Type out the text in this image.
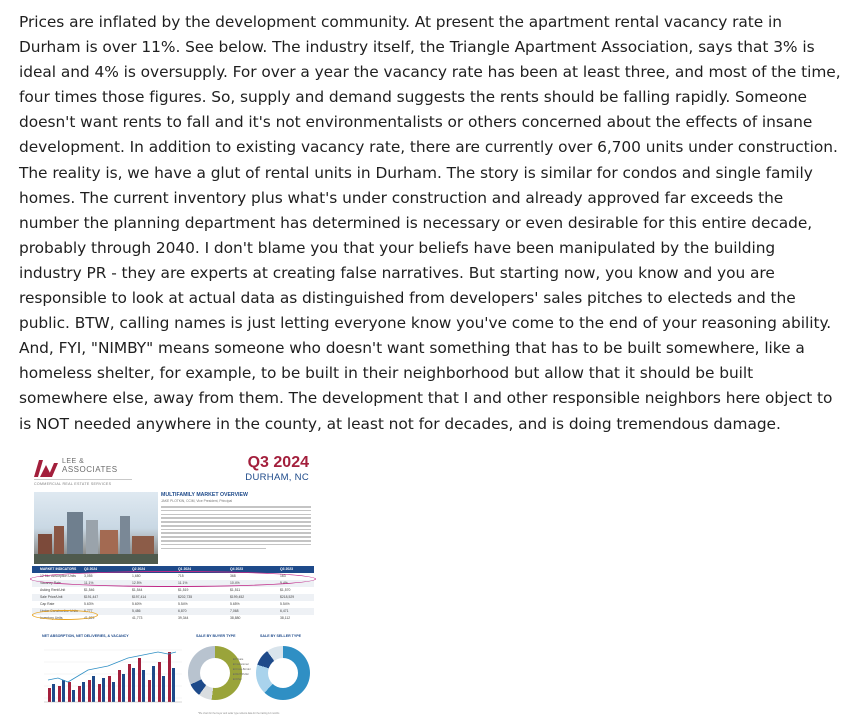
Prices are inflated by the development community. At present the apartment rental vacancy rate in Durham is over 11%. See below. The industry itself, the Triangle Apartment Association, says that 3% is ideal and 4% is oversupply. For over a year the vacancy rate has been at least three, and most of the time, four times those figures. So, supply and demand suggests the rents should be falling rapidly. Someone doesn't want rents to fall and it's not environmentalists or others concerned about the effects of insane development. In addition to existing vacancy rate, there are currently over 6,700 units under construction. The reality is, we have a glut of rental units in Durham. The story is similar for condos and single family homes. The current inventory plus what's under construction and already approved far exceeds the number the planning department has determined is necessary or even desirable for this entire decade, probably through 2040. I don't blame you that your beliefs have been manipulated by the building industry PR - they are experts at creating false narratives. But starting now, you know and you are responsible to look at actual data as distinguished from developers' sales pitches to electeds and the public. BTW, calling names is just letting everyone know you've come to the end of your reasoning ability. And, FYI, "NIMBY" means someone who doesn't want something that has to be built somewhere, like a homeless shelter, for example, to be built in their neighborhood but allow that it should be built somewhere else, away from them. The development that I and other responsible neighbors here object to is NOT needed anywhere in the county, at least not for decades, and is doing tremendous damage.

LEE &
ASSOCIATES
COMMERCIAL REAL ESTATE SERVICES
Q3 2024
DURHAM, NC
MULTIFAMILY MARKET OVERVIEW
JAKE PLOTKIN, CCIM, Vice President, Principal
MARKET INDICATORS Q3 2024	Q2 2024	Q1 2024	Q4 2023	Q3 2023
12 Mo. Absorption Units 3,055	1,680	715	368	163
Vacancy Rate	11.1%	12.5%	11.1%	10.4%	9.4%
Asking Rent/Unit	$1,546	$1,544	$1,519	$1,511	$1,570
Sale Price/Unit	$191,447	$197,414	$202,735	$199,452	$218,529
Cap Rate	5.63%	5.60%	5.54%	5.65%	5.54%
Under Construction Units 6,777	5,486	6,870	7,068	6,471
Inventory Units	41,829	41,773	39,344	38,880	38,112
NET ABSORPTION, NET DELIVERIES, & VACANCY	SALE BY BUYER TYPE	SALE BY SELLER TYPE
■ Private
■ Institutional
■ Cross-Border
■ REIT/Public
■ Other
*Pie chart for the buyer and seller type reflects data for the trailing 12 months
